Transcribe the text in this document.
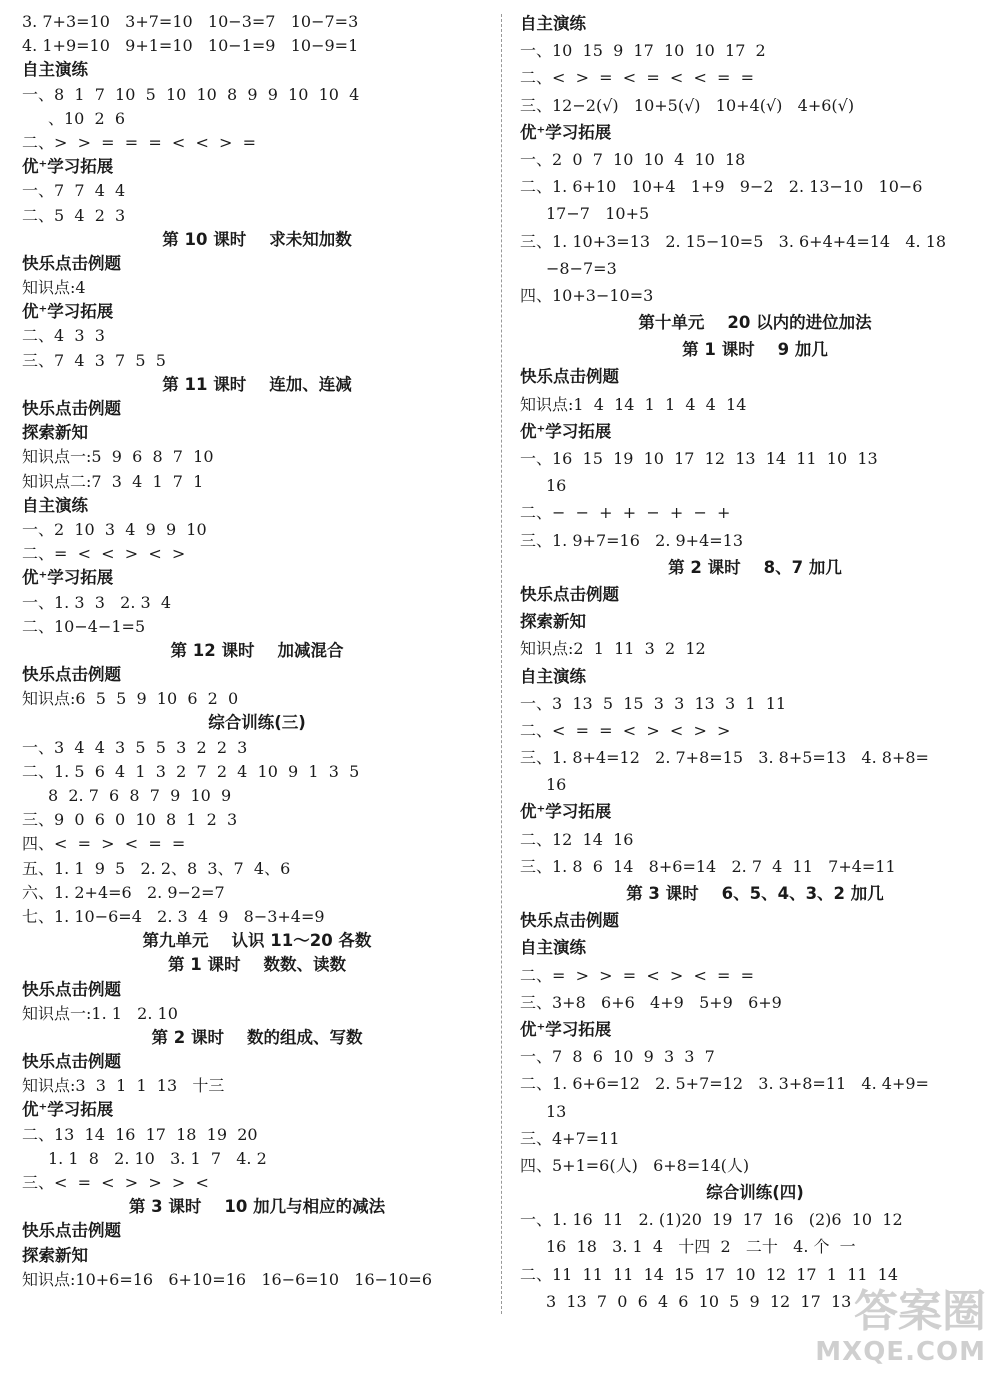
3. 7+3=10   3+7=10   10−3=7   10−7=3
4. 1+9=10   9+1=10   10−1=9   10−9=1
自主演练
一、8  1  7  10  5  10  10  8  9  9  10  10  4
、10  2  6
二、>  >  =  =  =  <  <  >  =
优⁺学习拓展
一、7  7  4  4
二、5  4  2  3
第 10 课时    求未知加数
快乐点击例题
知识点:4
优⁺学习拓展
二、4  3  3
三、7  4  3  7  5  5
第 11 课时    连加、连减
快乐点击例题
探索新知
知识点一:5  9  6  8  7  10
知识点二:7  3  4  1  7  1
自主演练
一、2  10  3  4  9  9  10
二、=  <  <  >  <  >
优⁺学习拓展
一、1. 3  3   2. 3  4
二、10−4−1=5
第 12 课时    加减混合
快乐点击例题
知识点:6  5  5  9  10  6  2  0
综合训练(三)
一、3  4  4  3  5  5  3  2  2  3
二、1. 5  6  4  1  3  2  7  2  4  10  9  1  3  5
8  2. 7  6  8  7  9  10  9
三、9  0  6  0  10  8  1  2  3
四、<  =  >  <  =  =
五、1. 1  9  5   2. 2、8  3、7  4、6
六、1. 2+4=6   2. 9−2=7
七、1. 10−6=4   2. 3  4  9   8−3+4=9
第九单元    认识 11～20 各数
第 1 课时    数数、读数
快乐点击例题
知识点一:1. 1   2. 10
第 2 课时    数的组成、写数
快乐点击例题
知识点:3  3  1  1  13   十三
优⁺学习拓展
二、13  14  16  17  18  19  20
1. 1  8   2. 10   3. 1  7   4. 2
三、<  =  <  >  >  >  <
第 3 课时    10 加几与相应的减法
快乐点击例题
探索新知
知识点:10+6=16   6+10=16   16−6=10   16−10=6
自主演练
一、10  15  9  17  10  10  17  2
二、<  >  =  <  =  <  <  =  =
三、12−2(√)   10+5(√)   10+4(√)   4+6(√)
优⁺学习拓展
一、2  0  7  10  10  4  10  18
二、1. 6+10   10+4   1+9   9−2   2. 13−10   10−6
17−7   10+5
三、1. 10+3=13   2. 15−10=5   3. 6+4+4=14   4. 18
−8−7=3
四、10+3−10=3
第十单元    20 以内的进位加法
第 1 课时    9 加几
快乐点击例题
知识点:1  4  14  1  1  4  4  14
优⁺学习拓展
一、16  15  19  10  17  12  13  14  11  10  13
16
二、−  −  +  +  −  +  −  +
三、1. 9+7=16   2. 9+4=13
第 2 课时    8、7 加几
快乐点击例题
探索新知
知识点:2  1  11  3  2  12
自主演练
一、3  13  5  15  3  3  13  3  1  11
二、<  =  =  <  >  <  >  >
三、1. 8+4=12   2. 7+8=15   3. 8+5=13   4. 8+8=
16
优⁺学习拓展
二、12  14  16
三、1. 8  6  14   8+6=14   2. 7  4  11   7+4=11
第 3 课时    6、5、4、3、2 加几
快乐点击例题
自主演练
二、=  >  >  =  <  >  <  =  =
三、3+8   6+6   4+9   5+9   6+9
优⁺学习拓展
一、7  8  6  10  9  3  3  7
二、1. 6+6=12   2. 5+7=12   3. 3+8=11   4. 4+9=
13
三、4+7=11
四、5+1=6(人)   6+8=14(人)
综合训练(四)
一、1. 16  11   2. (1)20  19  17  16   (2)6  10  12
16  18   3. 1  4   十四  2   二十   4. 个  一
二、11  11  11  14  15  17  10  12  17  1  11  14
3  13  7  0  6  4  6  10  5  9  12  17  13 答案圈
MXQE.COM
